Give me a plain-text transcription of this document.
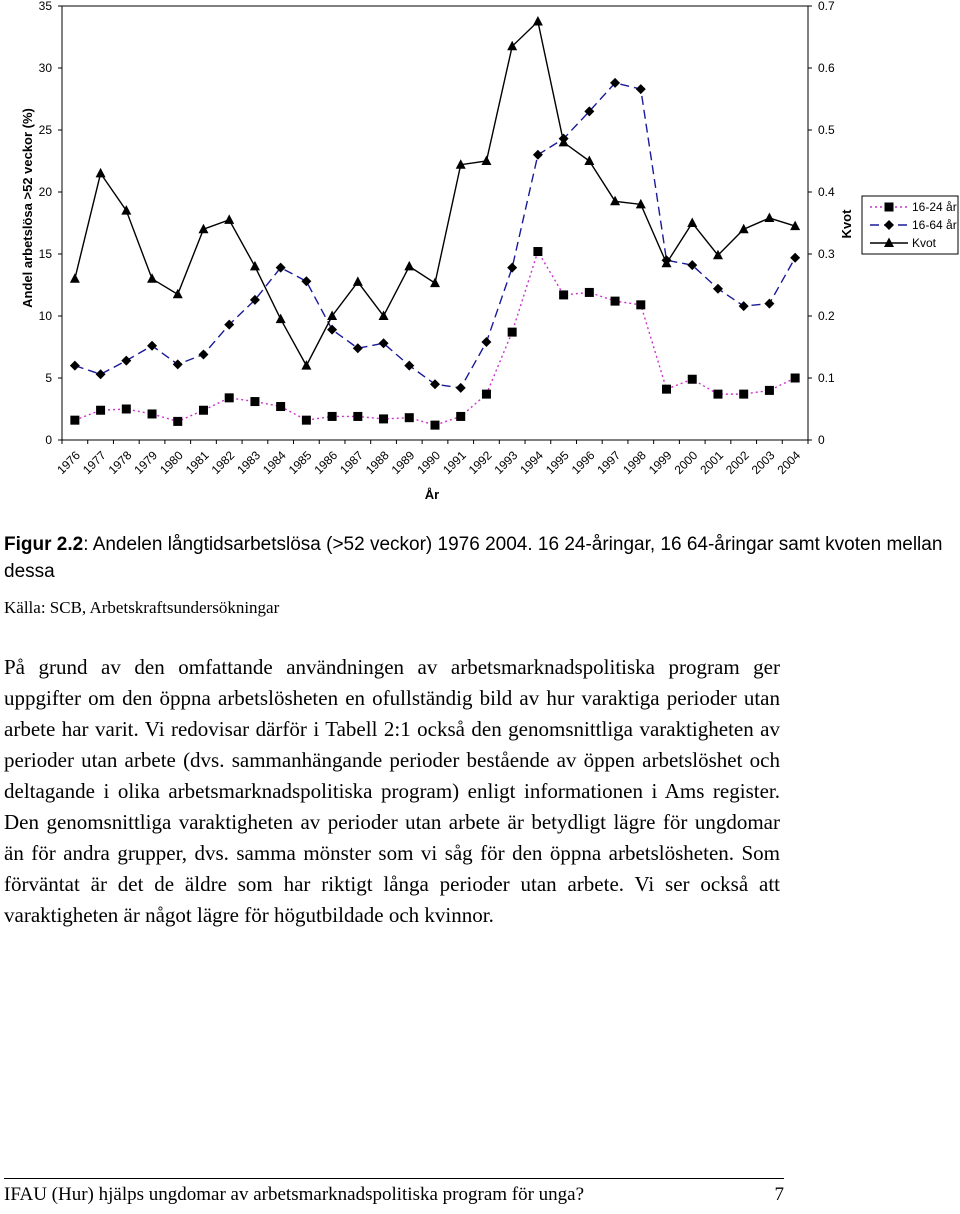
0
5
10
15
20
25
30
35
0
0.1
0.2
0.3
0.4
0.5
0.6
0.7
1976
1977
1978
1979
1980
1981
1982
1983
1984
1985
1986
1987
1988
1989
1990
1991
1992
1993
1994
1995
1996
1997
1998
1999
2000
2001
2002
2003
2004
16-24 år
16-64 år
Kvot
Andel arbetslösa >52 veckor (%)	Kvot
År
Figur 2.2: Andelen långtidsarbetslösa (>52 veckor) 1976 2004. 16 24-åringar, 16 64-åringar samt kvoten mellan dessa
Källa: SCB, Arbetskraftsundersökningar

På grund av den omfattande användningen av arbetsmarknadspolitiska program ger uppgifter om den öppna arbetslösheten en ofullständig bild av hur varaktiga perioder utan arbete har varit. Vi redovisar därför i Tabell 2:1 också den genomsnittliga varaktigheten av perioder utan arbete (dvs. sammanhängande perioder bestående av öppen arbetslöshet och deltagande i olika arbetsmarknadspolitiska program) enligt informationen i Ams register. Den genomsnittliga varaktigheten av perioder utan arbete är betydligt lägre för ungdomar än för andra grupper, dvs. samma mönster som vi såg för den öppna arbetslösheten. Som förväntat är det de äldre som har riktigt långa perioder utan arbete. Vi ser också att varaktigheten är något lägre för högutbildade och kvinnor.

IFAU (Hur) hjälps ungdomar av arbetsmarknadspolitiska program för unga?	7
